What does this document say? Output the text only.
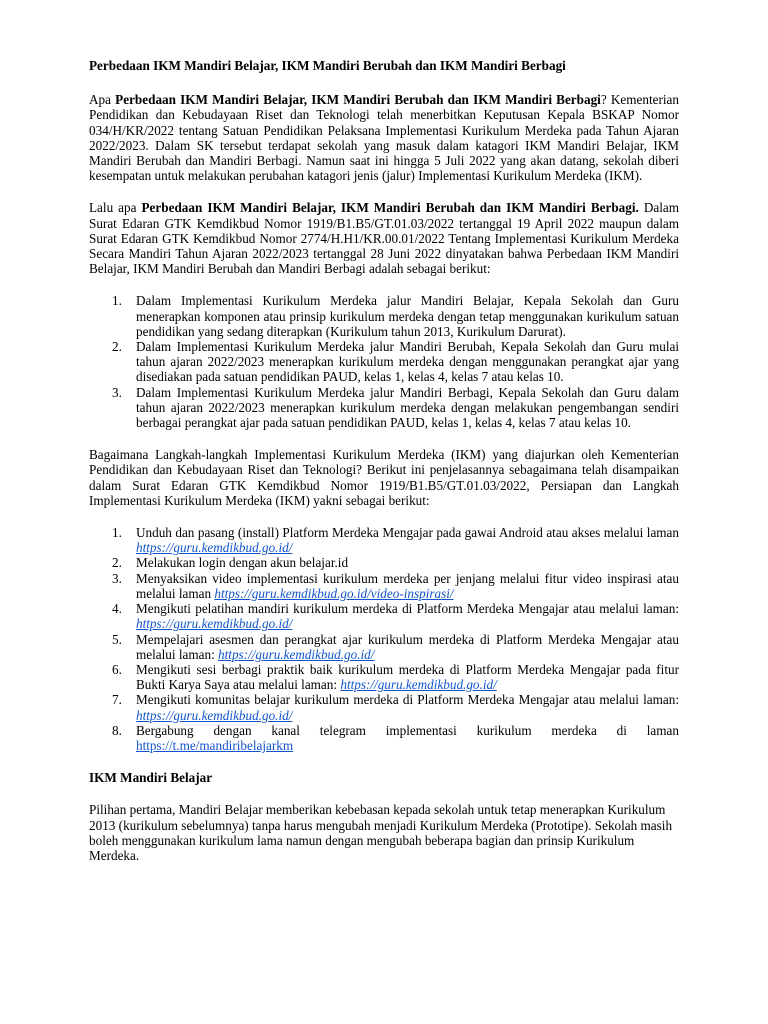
Perbedaan IKM Mandiri Belajar, IKM Mandiri Berubah dan IKM Mandiri Berbagi

Apa Perbedaan IKM Mandiri Belajar, IKM Mandiri Berubah dan IKM Mandiri Berbagi? Kementerian Pendidikan dan Kebudayaan Riset dan Teknologi telah menerbitkan Keputusan Kepala BSKAP Nomor 034/H/KR/2022 tentang Satuan Pendidikan Pelaksana Implementasi Kurikulum Merdeka pada Tahun Ajaran 2022/2023. Dalam SK tersebut terdapat sekolah yang masuk dalam katagori IKM Mandiri Belajar, IKM Mandiri Berubah dan Mandiri Berbagi. Namun saat ini hingga 5 Juli 2022 yang akan datang, sekolah diberi kesempatan untuk melakukan perubahan katagori jenis (jalur) Implementasi Kurikulum Merdeka (IKM).

Lalu apa Perbedaan IKM Mandiri Belajar, IKM Mandiri Berubah dan IKM Mandiri Berbagi. Dalam Surat Edaran GTK Kemdikbud Nomor 1919/B1.B5/GT.01.03/2022 tertanggal 19 April 2022 maupun dalam Surat Edaran GTK Kemdikbud Nomor 2774/H.H1/KR.00.01/2022 Tentang Implementasi Kurikulum Merdeka Secara Mandiri Tahun Ajaran 2022/2023 tertanggal 28 Juni 2022 dinyatakan bahwa Perbedaan IKM Mandiri Belajar, IKM Mandiri Berubah dan Mandiri Berbagi adalah sebagai berikut:

1. Dalam Implementasi Kurikulum Merdeka jalur Mandiri Belajar, Kepala Sekolah dan Guru menerapkan komponen atau prinsip kurikulum merdeka dengan tetap menggunakan kurikulum satuan pendidikan yang sedang diterapkan (Kurikulum tahun 2013, Kurikulum Darurat).
2. Dalam Implementasi Kurikulum Merdeka jalur Mandiri Berubah, Kepala Sekolah dan Guru mulai tahun ajaran 2022/2023 menerapkan kurikulum merdeka dengan menggunakan perangkat ajar yang disediakan pada satuan pendidikan PAUD, kelas 1, kelas 4, kelas 7 atau kelas 10.
3. Dalam Implementasi Kurikulum Merdeka jalur Mandiri Berbagi, Kepala Sekolah dan Guru dalam tahun ajaran 2022/2023 menerapkan kurikulum merdeka dengan melakukan pengembangan sendiri berbagai perangkat ajar pada satuan pendidikan PAUD, kelas 1, kelas 4, kelas 7 atau kelas 10.

Bagaimana Langkah-langkah Implementasi Kurikulum Merdeka (IKM) yang diajurkan oleh Kementerian Pendidikan dan Kebudayaan Riset dan Teknologi? Berikut ini penjelasannya sebagaimana telah disampaikan dalam Surat Edaran GTK Kemdikbud Nomor 1919/B1.B5/GT.01.03/2022, Persiapan dan Langkah Implementasi Kurikulum Merdeka (IKM) yakni sebagai berikut:

1. Unduh dan pasang (install) Platform Merdeka Mengajar pada gawai Android atau akses melalui laman https://guru.kemdikbud.go.id/
2. Melakukan login dengan akun belajar.id
3. Menyaksikan video implementasi kurikulum merdeka per jenjang melalui fitur video inspirasi atau melalui laman https://guru.kemdikbud.go.id/video-inspirasi/
4. Mengikuti pelatihan mandiri kurikulum merdeka di Platform Merdeka Mengajar atau melalui laman: https://guru.kemdikbud.go.id/
5. Mempelajari asesmen dan perangkat ajar kurikulum merdeka di Platform Merdeka Mengajar atau melalui laman: https://guru.kemdikbud.go.id/
6. Mengikuti sesi berbagi praktik baik kurikulum merdeka di Platform Merdeka Mengajar pada fitur Bukti Karya Saya atau melalui laman: https://guru.kemdikbud.go.id/
7. Mengikuti komunitas belajar kurikulum merdeka di Platform Merdeka Mengajar atau melalui laman: https://guru.kemdikbud.go.id/
8. Bergabung dengan kanal telegram implementasi kurikulum merdeka di laman https://t.me/mandiribelajarkm
IKM Mandiri Belajar

Pilihan pertama, Mandiri Belajar memberikan kebebasan kepada sekolah untuk tetap menerapkan Kurikulum 2013 (kurikulum sebelumnya) tanpa harus mengubah menjadi Kurikulum Merdeka (Prototipe). Sekolah masih boleh menggunakan kurikulum lama namun dengan mengubah beberapa bagian dan prinsip Kurikulum Merdeka.
